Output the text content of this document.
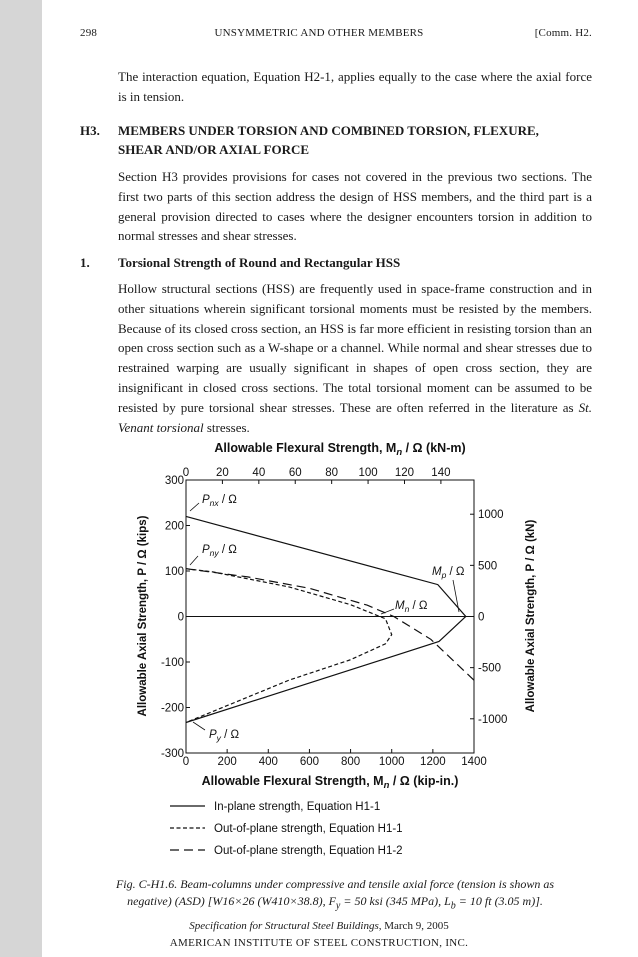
298	UNSYMMETRIC AND OTHER MEMBERS	[Comm. H2.
The interaction equation, Equation H2-1, applies equally to the case where the axial force is in tension.
H3. MEMBERS UNDER TORSION AND COMBINED TORSION, FLEXURE,
SHEAR AND/OR AXIAL FORCE
Section H3 provides provisions for cases not covered in the previous two sections. The first two parts of this section address the design of HSS members, and the third part is a general provision directed to cases where the designer encounters torsion in addition to normal stresses and shear stresses.
1. Torsional Strength of Round and Rectangular HSS
Hollow structural sections (HSS) are frequently used in space-frame construction and in other situations wherein significant torsional moments must be resisted by the members. Because of its closed cross section, an HSS is far more efficient in resisting torsion than an open cross section such as a W-shape or a channel. While normal and shear stresses due to restrained warping are usually significant in shapes of open cross section, they are insignificant in closed cross sections. The total torsional moment can be assumed to be resisted by pure torsional shear stresses. These are often referred in the literature as St. Venant torsional stresses.
Allowable Flexural Strength, $M_n$ / Ω (kN-m)
0 200 400 600 800 1000 1200 1400
0 20 40 60 80 100 120 140
300
200
100
0
-100
-200
-300
1000
500
0
-500
-1000
$P_{nx}$ / Ω
$P_{ny}$ / Ω
$M_p$ / Ω
$M_n$ / Ω
$P_y$ / Ω
Allowable Flexural Strength, $M_n$ / Ω (kip-in.)
Allowable Axial Strength, P / Ω (kips)	Allowable Axial Strength, P / Ω (kN)
In-plane strength, Equation H1-1
Out-of-plane strength, Equation H1-1
Out-of-plane strength, Equation H1-2
Fig. C-H1.6. Beam-columns under compressive and tensile axial force (tension is shown as
negative) (ASD) [W16×26 (W410×38.8), $F_y = 50$ ksi (345 MPa), $L_b = 10$ ft (3.05 m)].
Specification for Structural Steel Buildings, March 9, 2005
AMERICAN INSTITUTE OF STEEL CONSTRUCTION, INC.
